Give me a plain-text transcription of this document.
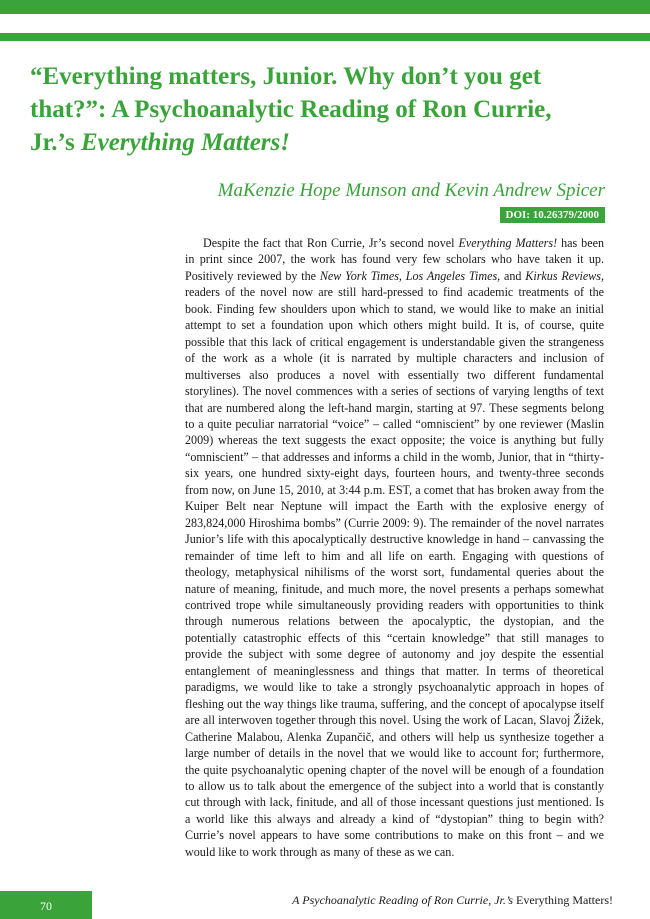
“Everything matters, Junior. Why don’t you get
that?”: A Psychoanalytic Reading of Ron Currie,
Jr.’s Everything Matters!
MaKenzie Hope Munson and Kevin Andrew Spicer
DOI: 10.26379/2000

Despite the fact that Ron Currie, Jr’s second novel Everything Matters! has been in print since 2007, the work has found very few scholars who have taken it up. Positively reviewed by the New York Times, Los Angeles Times, and Kirkus Reviews, readers of the novel now are still hard-pressed to find academic treatments of the book. Finding few shoulders upon which to stand, we would like to make an initial attempt to set a foundation upon which others might build. It is, of course, quite possible that this lack of critical engagement is understandable given the strangeness of the work as a whole (it is narrated by multiple characters and inclusion of multiverses also produces a novel with essentially two different fundamental storylines). The novel commences with a series of sections of varying lengths of text that are numbered along the left-hand margin, starting at 97. These segments belong to a quite peculiar narratorial “voice” – called “omniscient” by one reviewer (Maslin 2009) whereas the text suggests the exact opposite; the voice is anything but fully “omniscient” – that addresses and informs a child in the womb, Junior, that in “thirty-six years, one hundred sixty-eight days, fourteen hours, and twenty-three seconds from now, on June 15, 2010, at 3:44 p.m. EST, a comet that has broken away from the Kuiper Belt near Neptune will impact the Earth with the explosive energy of 283,824,000 Hiroshima bombs” (Currie 2009: 9). The remainder of the novel narrates Junior’s life with this apocalyptically destructive knowledge in hand – canvassing the remainder of time left to him and all life on earth. Engaging with questions of theology, metaphysical nihilisms of the worst sort, fundamental queries about the nature of meaning, finitude, and much more, the novel presents a perhaps somewhat contrived trope while simultaneously providing readers with opportunities to think through numerous relations between the apocalyptic, the dystopian, and the potentially catastrophic effects of this “certain knowledge” that still manages to provide the subject with some degree of autonomy and joy despite the essential entanglement of meaninglessness and things that matter. In terms of theoretical paradigms, we would like to take a strongly psychoanalytic approach in hopes of fleshing out the way things like trauma, suffering, and the concept of apocalypse itself are all interwoven together through this novel. Using the work of Lacan, Slavoj Žižek, Catherine Malabou, Alenka Zupančič, and others will help us synthesize together a large number of details in the novel that we would like to account for; furthermore, the quite psychoanalytic opening chapter of the novel will be enough of a foundation to allow us to talk about the emergence of the subject into a world that is constantly cut through with lack, finitude, and all of those incessant questions just mentioned. Is a world like this always and already a kind of “dystopian” thing to begin with? Currie’s novel appears to have some contributions to make on this front – and we would like to work through as many of these as we can.

70	A Psychoanalytic Reading of Ron Currie, Jr.’s Everything Matters!
